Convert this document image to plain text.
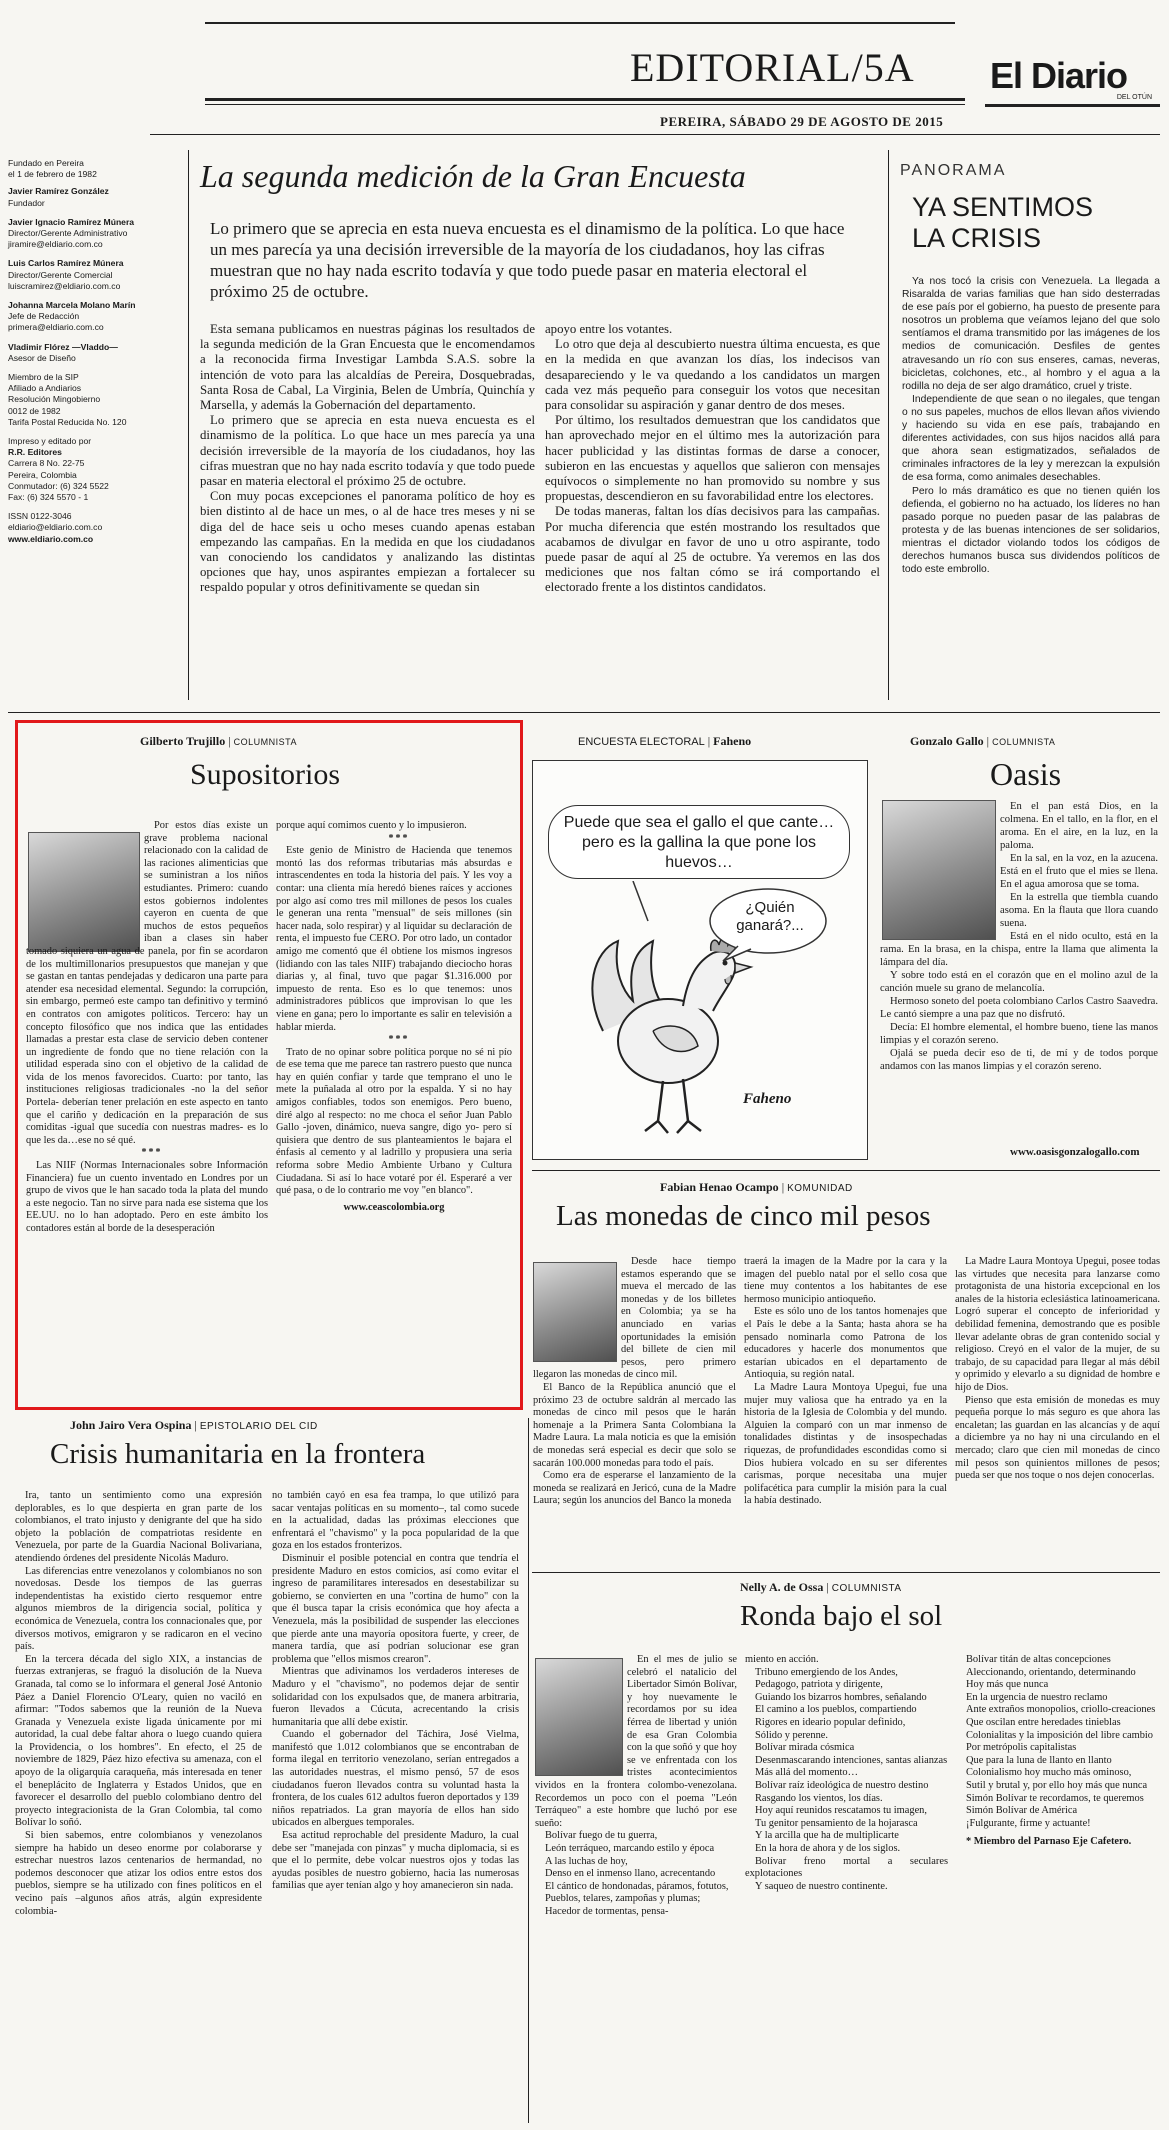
EDITORIAL/5A El Diario
DEL OTÚN
PEREIRA, SÁBADO 29 DE AGOSTO DE 2015
Fundado en Pereira
el 1 de febrero de 1982
Javier Ramírez González
Fundador
Javier Ignacio Ramírez Múnera
Director/Gerente Administrativo
jiramire@eldiario.com.co
Luis Carlos Ramírez Múnera
Director/Gerente Comercial
luiscramirez@eldiario.com.co
Johanna Marcela Molano Marín
Jefe de Redacción
primera@eldiario.com.co
Vladimir Flórez —Vladdo—
Asesor de Diseño
Miembro de la SIP
Afiliado a Andiarios
Resolución Mingobierno
0012 de 1982
Tarifa Postal Reducida No. 120
Impreso y editado por
R.R. Editores
Carrera 8 No. 22-75
Pereira, Colombia
Conmutador: (6) 324 5522
Fax: (6) 324 5570 - 1
ISSN 0122-3046
eldiario@eldiario.com.co
www.eldiario.com.co
La segunda medición de la Gran Encuesta
Lo primero que se aprecia en esta nueva encuesta es el dinamismo de la política. Lo que hace un mes parecía ya una decisión irreversible de la mayoría de los ciudadanos, hoy las cifras muestran que no hay nada escrito todavía y que todo puede pasar en materia electoral el próximo 25 de octubre.

Esta semana publicamos en nuestras páginas los resultados de la segunda medición de la Gran Encuesta que le encomendamos a la reconocida firma Investigar Lambda S.A.S. sobre la intención de voto para las alcaldías de Pereira, Dosquebradas, Santa Rosa de Cabal, La Virginia, Belen de Umbría, Quinchía y Marsella, y además la Gobernación del departamento.

Lo primero que se aprecia en esta nueva encuesta es el dinamismo de la política. Lo que hace un mes parecía ya una decisión irreversible de la mayoría de los ciudadanos, hoy las cifras muestran que no hay nada escrito todavía y que todo puede pasar en materia electoral el próximo 25 de octubre.

Con muy pocas excepciones el panorama político de hoy es bien distinto al de hace un mes, o al de hace tres meses y ni se diga del de hace seis u ocho meses cuando apenas estaban empezando las campañas. En la medida en que los ciudadanos van conociendo los candidatos y analizando las distintas opciones que hay, unos aspirantes empiezan a fortalecer su respaldo popular y otros definitivamente se quedan sin

apoyo entre los votantes.

Lo otro que deja al descubierto nuestra última encuesta, es que en la medida en que avanzan los días, los indecisos van desapareciendo y le va quedando a los candidatos un margen cada vez más pequeño para conseguir los votos que necesitan para consolidar su aspiración y ganar dentro de dos meses.

Por último, los resultados demuestran que los candidatos que han aprovechado mejor en el último mes la autorización para hacer publicidad y las distintas formas de darse a conocer, subieron en las encuestas y aquellos que salieron con mensajes equívocos o simplemente no han promovido su nombre y sus propuestas, descendieron en su favorabilidad entre los electores.

De todas maneras, faltan los días decisivos para las campañas. Por mucha diferencia que estén mostrando los resultados que acabamos de divulgar en favor de uno u otro aspirante, todo puede pasar de aquí al 25 de octubre. Ya veremos en las dos mediciones que nos faltan cómo se irá comportando el electorado frente a los distintos candidatos.

PANORAMA
YA SENTIMOS LA CRISIS

Ya nos tocó la crisis con Venezuela. La llegada a Risaralda de varias familias que han sido desterradas de ese país por el gobierno, ha puesto de presente para nosotros un problema que veíamos lejano del que solo sentíamos el drama transmitido por las imágenes de los medios de comunicación. Desfiles de gentes atravesando un río con sus enseres, camas, neveras, bicicletas, colchones, etc., al hombro y el agua a la rodilla no deja de ser algo dramático, cruel y triste.

Independiente de que sean o no ilegales, que tengan o no sus papeles, muchos de ellos llevan años viviendo y haciendo su vida en ese país, trabajando en diferentes actividades, con sus hijos nacidos allá para que ahora sean estigmatizados, señalados de criminales infractores de la ley y merezcan la expulsión de esa forma, como animales desechables.

Pero lo más dramático es que no tienen quién los defienda, el gobierno no ha actuado, los líderes no han pasado porque no pueden pasar de las palabras de protesta y de las buenas intenciones de ser solidarios, mientras el dictador violando todos los códigos de derechos humanos busca sus dividendos políticos de todo este embrollo.

Gilberto Trujillo | COLUMNISTA
Supositorios

Por estos días existe un grave problema nacional relacionado con la calidad de las raciones alimenticias que se suministran a los niños estudiantes. Primero: cuando estos gobiernos indolentes cayeron en cuenta de que muchos de estos pequeños iban a clases sin haber tomado siquiera un agua de panela, por fin se acordaron de los multimillonarios presupuestos que manejan y que se gastan en tantas pendejadas y dedicaron una parte para atender esa necesidad elemental. Segundo: la corrupción, sin embargo, permeó este campo tan definitivo y terminó en contratos con amigotes políticos. Tercero: hay un concepto filosófico que nos indica que las entidades llamadas a prestar esta clase de servicio deben contener un ingrediente de fondo que no tiene relación con la utilidad esperada sino con el objetivo de la calidad de vida de los menos favorecidos. Cuarto: por tanto, las instituciones religiosas tradicionales -no la del señor Portela- deberían tener prelación en este aspecto en tanto que el cariño y dedicación en la preparación de sus comiditas -igual que sucedía con nuestras madres- es lo que les da…ese no sé qué.

***

Las NIIF (Normas Internacionales sobre Información Financiera) fue un cuento inventado en Londres por un grupo de vivos que le han sacado toda la plata del mundo a este negocio. Tan no sirve para nada ese sistema que los EE.UU. no lo han adoptado. Pero en este ámbito los contadores están al borde de la desesperación

porque aquí comimos cuento y lo impusieron.

***

Este genio de Ministro de Hacienda que tenemos montó las dos reformas tributarias más absurdas e intrascendentes en toda la historia del país. Y les voy a contar: una clienta mía heredó bienes raíces y acciones por algo así como tres mil millones de pesos los cuales le generan una renta "mensual" de seis millones (sin hacer nada, solo respirar) y al liquidar su declaración de renta, el impuesto fue CERO. Por otro lado, un contador amigo me comentó que él obtiene los mismos ingresos (lidiando con las tales NIIF) trabajando dieciocho horas diarias y, al final, tuvo que pagar $1.316.000 por impuesto de renta. Eso es lo que tenemos: unos administradores públicos que improvisan lo que les viene en gana; pero lo importante es salir en televisión a hablar mierda.

***

Trato de no opinar sobre política porque no sé ni pío de ese tema que me parece tan rastrero puesto que nunca hay en quién confiar y tarde que temprano el uno le mete la puñalada al otro por la espalda. Y si no hay amigos confiables, todos son enemigos. Pero bueno, diré algo al respecto: no me choca el señor Juan Pablo Gallo -joven, dinámico, nueva sangre, digo yo- pero sí quisiera que dentro de sus planteamientos le bajara el énfasis al cemento y al ladrillo y propusiera una seria reforma sobre Medio Ambiente Urbano y Cultura Ciudadana. Si así lo hace votaré por él. Esperaré a ver qué pasa, o de lo contrario me voy "en blanco".

www.ceascolombia.org

ENCUESTA ELECTORAL | Faheno
Puede que sea el gallo el que cante…pero es la gallina la que pone los huevos…
¿Quién ganará?...
Faheno
Gonzalo Gallo | COLUMNISTA
Oasis

En el pan está Dios, en la colmena. En el tallo, en la flor, en el aroma. En el aire, en la luz, en la paloma.

En la sal, en la voz, en la azucena. Está en el fruto que el mies se llena. En el agua amorosa que se toma.

En la estrella que tiembla cuando asoma. En la flauta que llora cuando suena.

Está en el nido oculto, está en la rama. En la brasa, en la chispa, entre la llama que alimenta la lámpara del día.

Y sobre todo está en el corazón que en el molino azul de la canción muele su grano de melancolía.

Hermoso soneto del poeta colombiano Carlos Castro Saavedra. Le cantó siempre a una paz que no disfrutó.

Decía: El hombre elemental, el hombre bueno, tiene las manos limpias y el corazón sereno.

Ojalá se pueda decir eso de ti, de mí y de todos porque andamos con las manos limpias y el corazón sereno.

www.oasisgonzalogallo.com
Fabian Henao Ocampo | KOMUNIDAD
Las monedas de cinco mil pesos

Desde hace tiempo estamos esperando que se mueva el mercado de las monedas y de los billetes en Colombia; ya se ha anunciado en varias oportunidades la emisión del billete de cien mil pesos, pero primero llegaron las monedas de cinco mil.

El Banco de la República anunció que el próximo 23 de octubre saldrán al mercado las monedas de cinco mil pesos que le harán homenaje a la Primera Santa Colombiana la Madre Laura. La mala noticia es que la emisión de monedas será especial es decir que solo se sacarán 100.000 monedas para todo el país.

Como era de esperarse el lanzamiento de la moneda se realizará en Jericó, cuna de la Madre Laura; según los anuncios del Banco la moneda

traerá la imagen de la Madre por la cara y la imagen del pueblo natal por el sello cosa que tiene muy contentos a los habitantes de ese hermoso municipio antioqueño.

Este es sólo uno de los tantos homenajes que el País le debe a la Santa; hasta ahora se ha pensado nominarla como Patrona de los educadores y hacerle dos monumentos que estarían ubicados en el departamento de Antioquia, su región natal.

La Madre Laura Montoya Upegui, fue una mujer muy valiosa que ha entrado ya en la historia de la Iglesia de Colombia y del mundo. Alguien la comparó con un mar inmenso de tonalidades distintas y de insospechadas riquezas, de profundidades escondidas como si Dios hubiera volcado en su ser diferentes carismas, porque necesitaba una mujer polifacética para cumplir la misión para la cual la había destinado.

La Madre Laura Montoya Upegui, posee todas las virtudes que necesita para lanzarse como protagonista de una historia excepcional en los anales de la historia eclesiástica latinoamericana. Logró superar el concepto de inferioridad y debilidad femenina, demostrando que es posible llevar adelante obras de gran contenido social y religioso. Creyó en el valor de la mujer, de su trabajo, de su capacidad para llegar al más débil y oprimido y elevarlo a su dignidad de hombre e hijo de Dios.

Pienso que esta emisión de monedas es muy pequeña porque lo más seguro es que ahora las encaletan; las guardan en las alcancías y de aquí a diciembre ya no hay ni una circulando en el mercado; claro que cien mil monedas de cinco mil pesos son quinientos millones de pesos; pueda ser que nos toque o nos dejen conocerlas.

John Jairo Vera Ospina | EPISTOLARIO DEL CID
Crisis humanitaria en la frontera

Ira, tanto un sentimiento como una expresión deplorables, es lo que despierta en gran parte de los colombianos, el trato injusto y denigrante del que ha sido objeto la población de compatriotas residente en Venezuela, por parte de la Guardia Nacional Bolivariana, atendiendo órdenes del presidente Nicolás Maduro.

Las diferencias entre venezolanos y colombianos no son novedosas. Desde los tiempos de las guerras independentistas ha existido cierto resquemor entre algunos miembros de la dirigencia social, política y económica de Venezuela, contra los connacionales que, por diversos motivos, emigraron y se radicaron en el vecino país.

En la tercera década del siglo XIX, a instancias de fuerzas extranjeras, se fraguó la disolución de la Nueva Granada, tal como se lo informara el general José Antonio Páez a Daniel Florencio O'Leary, quien no vaciló en afirmar: "Todos sabemos que la reunión de la Nueva Granada y Venezuela existe ligada únicamente por mi autoridad, la cual debe faltar ahora o luego cuando quiera la Providencia, o los hombres". En efecto, el 25 de noviembre de 1829, Páez hizo efectiva su amenaza, con el apoyo de la oligarquía caraqueña, más interesada en tener el beneplácito de Inglaterra y Estados Unidos, que en favorecer el desarrollo del pueblo colombiano dentro del proyecto integracionista de la Gran Colombia, tal como Bolívar lo soñó.

Si bien sabemos, entre colombianos y venezolanos siempre ha habido un deseo enorme por colaborarse y estrechar nuestros lazos centenarios de hermandad, no podemos desconocer que atizar los odios entre estos dos pueblos, siempre se ha utilizado con fines políticos en el vecino país –algunos años atrás, algún expresidente colombia-

no también cayó en esa fea trampa, lo que utilizó para sacar ventajas políticas en su momento–, tal como sucede en la actualidad, dadas las próximas elecciones que enfrentará el "chavismo" y la poca popularidad de la que goza en los estados fronterizos.

Disminuir el posible potencial en contra que tendría el presidente Maduro en estos comicios, así como evitar el ingreso de paramilitares interesados en desestabilizar su gobierno, se convierten en una "cortina de humo" con la que él busca tapar la crisis económica que hoy afecta a Venezuela, más la posibilidad de suspender las elecciones que pierde ante una mayoría opositora fuerte, y creer, de manera tardía, que así podrían solucionar ese gran problema que "ellos mismos crearon".

Mientras que adivinamos los verdaderos intereses de Maduro y el "chavismo", no podemos dejar de sentir solidaridad con los expulsados que, de manera arbitraria, fueron llevados a Cúcuta, acrecentando la crisis humanitaria que allí debe existir.

Cuando el gobernador del Táchira, José Vielma, manifestó que 1.012 colombianos que se encontraban de forma ilegal en territorio venezolano, serían entregados a las autoridades nuestras, el mismo pensó, 57 de esos ciudadanos fueron llevados contra su voluntad hasta la frontera, de los cuales 612 adultos fueron deportados y 139 niños repatriados. La gran mayoría de ellos han sido ubicados en albergues temporales.

Esa actitud reprochable del presidente Maduro, la cual debe ser "manejada con pinzas" y mucha diplomacia, si es que el lo permite, debe volcar nuestros ojos y todas las ayudas posibles de nuestro gobierno, hacia las numerosas familias que ayer tenían algo y hoy amanecieron sin nada.

Nelly A. de Ossa | COLUMNISTA
Ronda bajo el sol

En el mes de julio se celebró el natalicio del Libertador Simón Bolívar, y hoy nuevamente le recordamos por su idea férrea de libertad y unión de esa Gran Colombia con la que soñó y que hoy se ve enfrentada con los tristes acontecimientos vividos en la frontera colombo-venezolana. Recordemos un poco con el poema "León Terráqueo" a este hombre que luchó por ese sueño:

Bolívar fuego de tu guerra,

León terráqueo, marcando estilo y época

A las luchas de hoy,

Denso en el inmenso llano, acrecentando

El cántico de hondonadas, páramos, fotutos,

Pueblos, telares, zampoñas y plumas;

Hacedor de tormentas, pensa-

miento en acción.

Tribuno emergiendo de los Andes,

Pedagogo, patriota y dirigente,

Guiando los bizarros hombres, señalando

El camino a los pueblos, compartiendo

Rigores en ideario popular definido,

Sólido y perenne.

Bolívar mirada cósmica

Desenmascarando intenciones, santas alianzas

Más allá del momento…

Bolívar raíz ideológica de nuestro destino

Rasgando los vientos, los días.

Hoy aquí reunidos rescatamos tu imagen,

Tu genitor pensamiento de la hojarasca

Y la arcilla que ha de multiplicarte

En la hora de ahora y de los siglos.

Bolívar freno mortal a seculares explotaciones

Y saqueo de nuestro continente.

Bolívar titán de altas concepciones

Aleccionando, orientando, determinando

Hoy más que nunca

En la urgencia de nuestro reclamo

Ante extraños monopolios, criollo-creaciones

Que oscilan entre heredades tinieblas

Colonialitas y la imposición del libre cambio

Por metrópolis capitalistas

Que para la luna de llanto en llanto

Colonialismo hoy mucho más ominoso,

Sutil y brutal y, por ello hoy más que nunca

Simón Bolívar te recordamos, te queremos

Simón Bolívar de América

¡Fulgurante, firme y actuante!

* Miembro del Parnaso Eje Cafetero.
